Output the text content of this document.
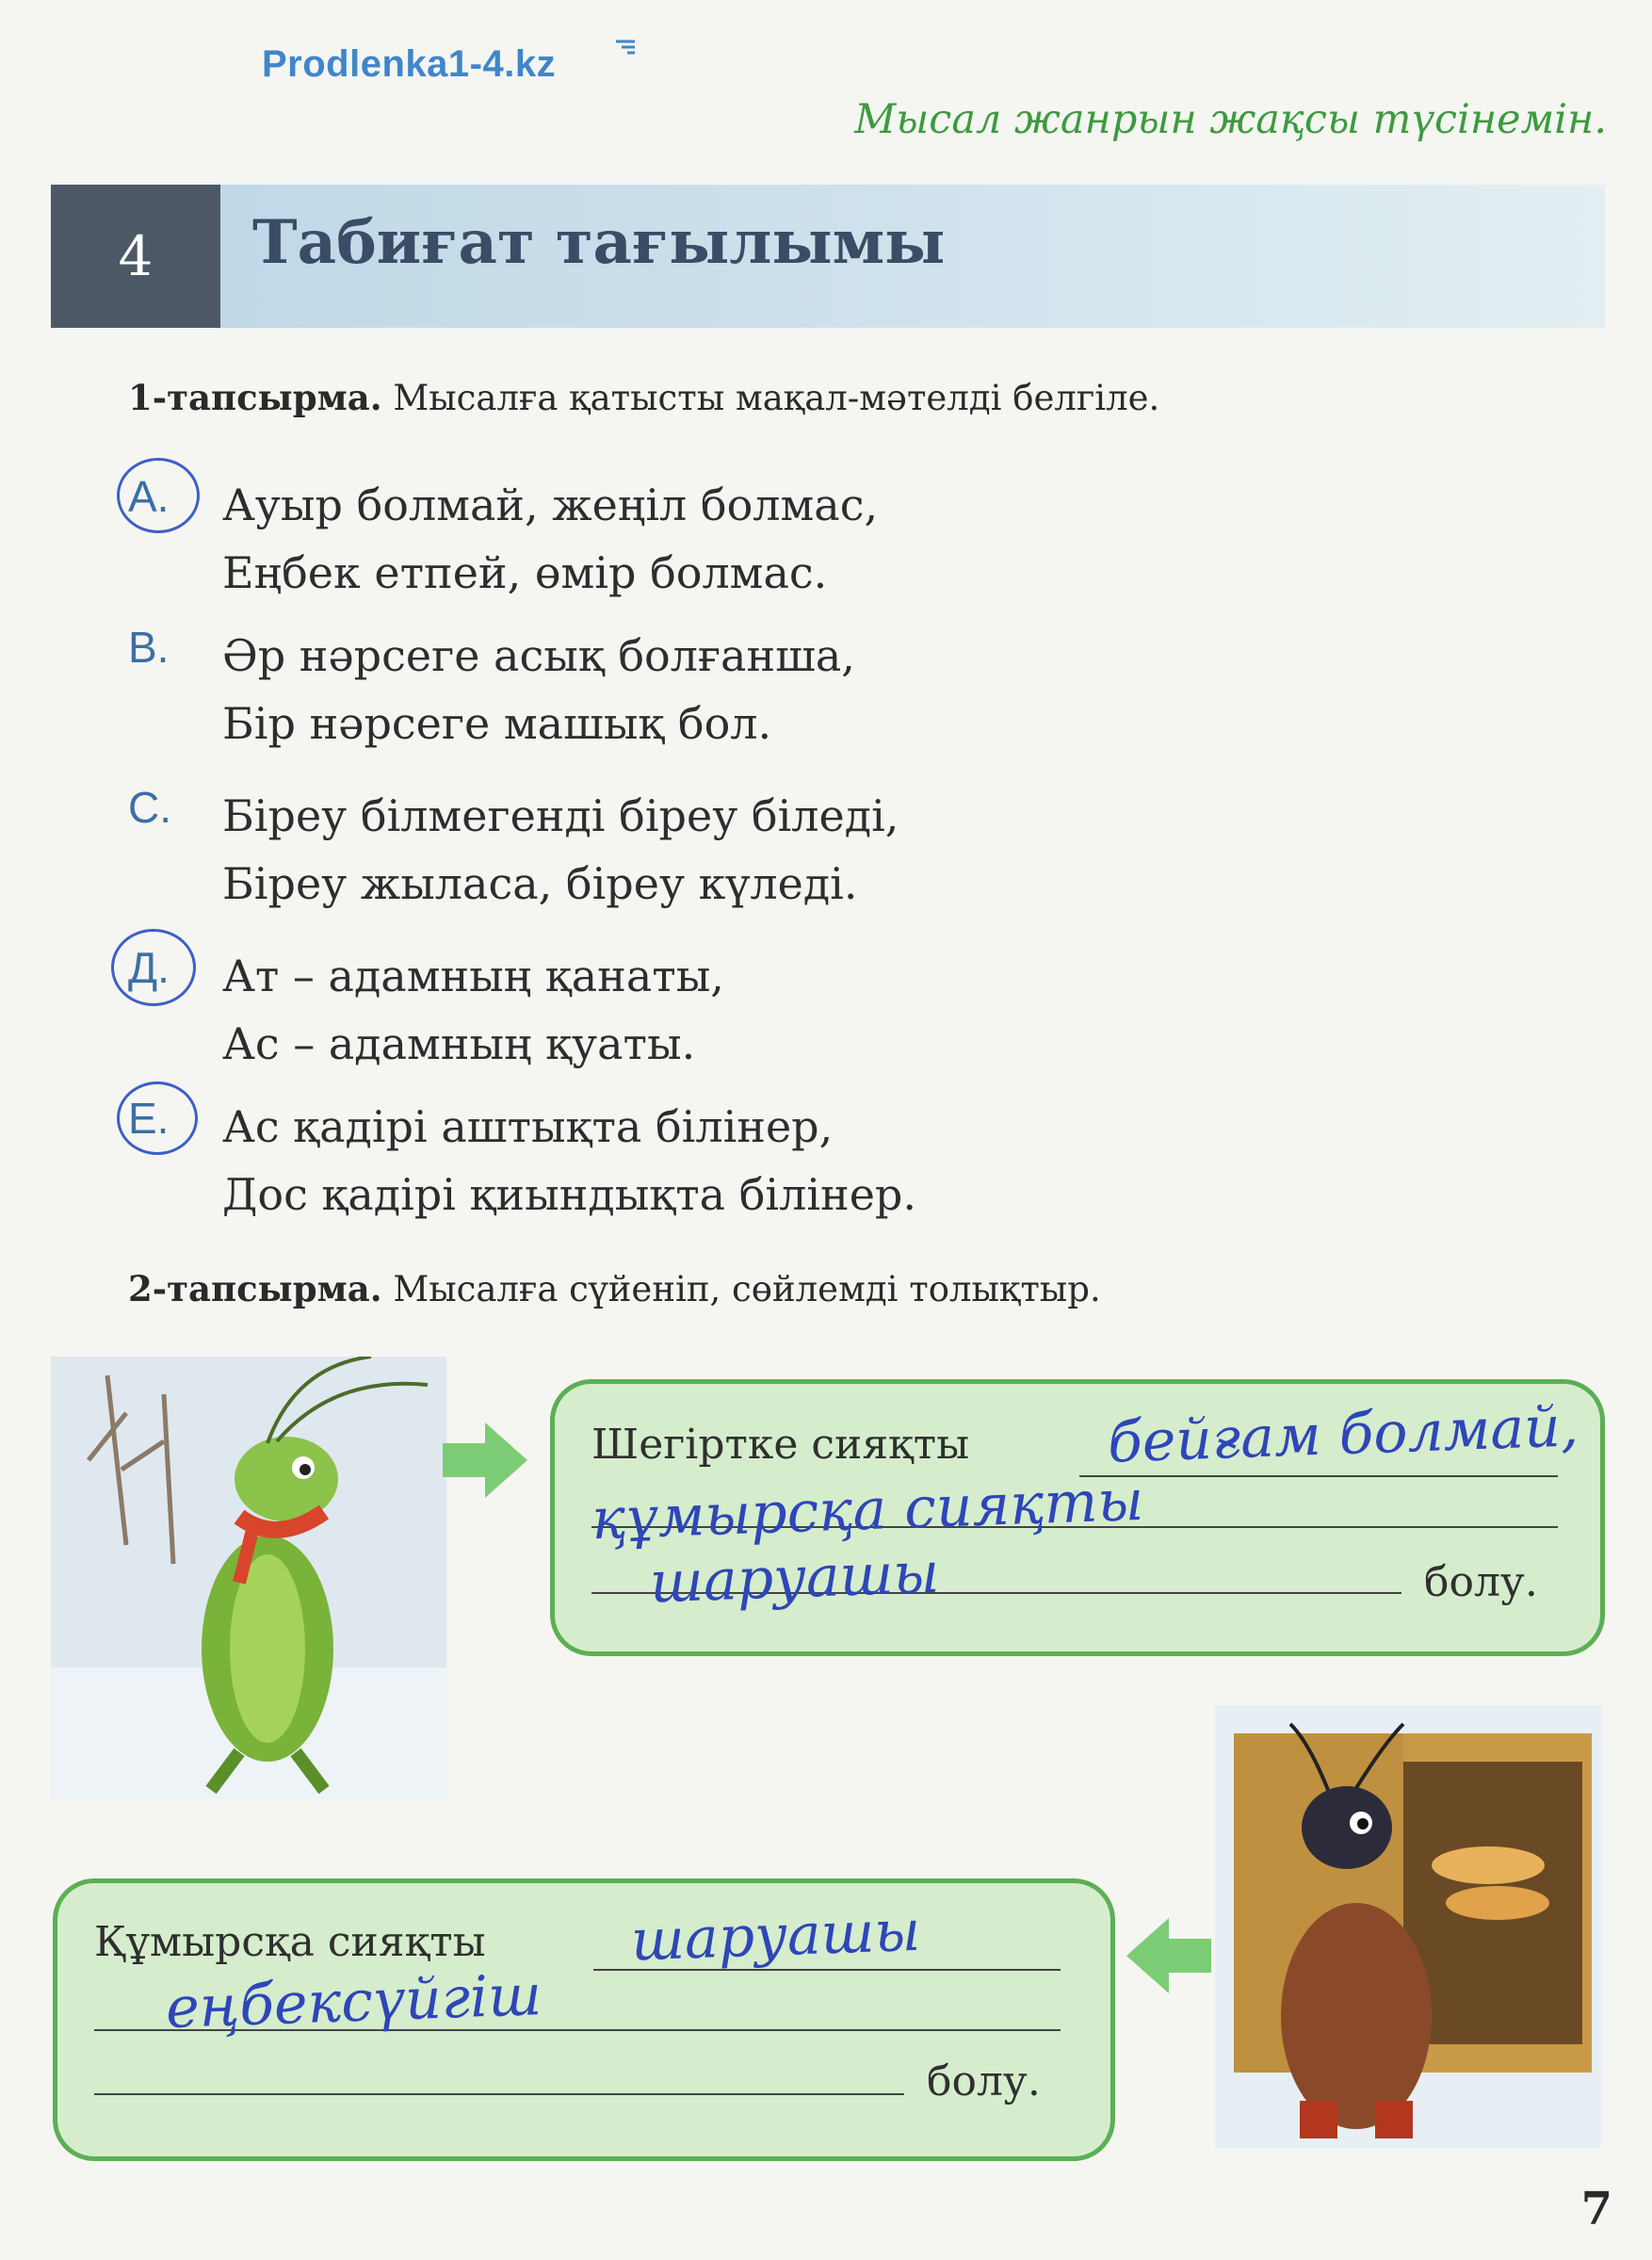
Prodlenka1-4.kz
Мысал жанрын жақсы түсінемін.
4	Табиғат тағылымы
1-тапсырма. Мысалға қатысты мақал-мәтелді белгіле.
A.	Ауыр болмай, жеңіл болмас,
Еңбек етпей, өмір болмас.
B.	Әр нәрсеге асық болғанша,
Бір нәрсеге машық бол.
C.	Біреу білмегенді біреу біледі,
Біреу жыласа, біреу күледі.
Д.	Ат – адамның қанаты,
Ас – адамның қуаты.
E.	Ас қадірі аштықта білінер,
Дос қадірі қиындықта білінер.
2-тапсырма. Мысалға сүйеніп, сөйлемді толықтыр.
Шегіртке сияқты бейғам болмай,
құмырсқа сияқты
шаруашы	болу.
Құмырсқа сияқты	шаруашы
еңбексүйгіш
болу.
7
